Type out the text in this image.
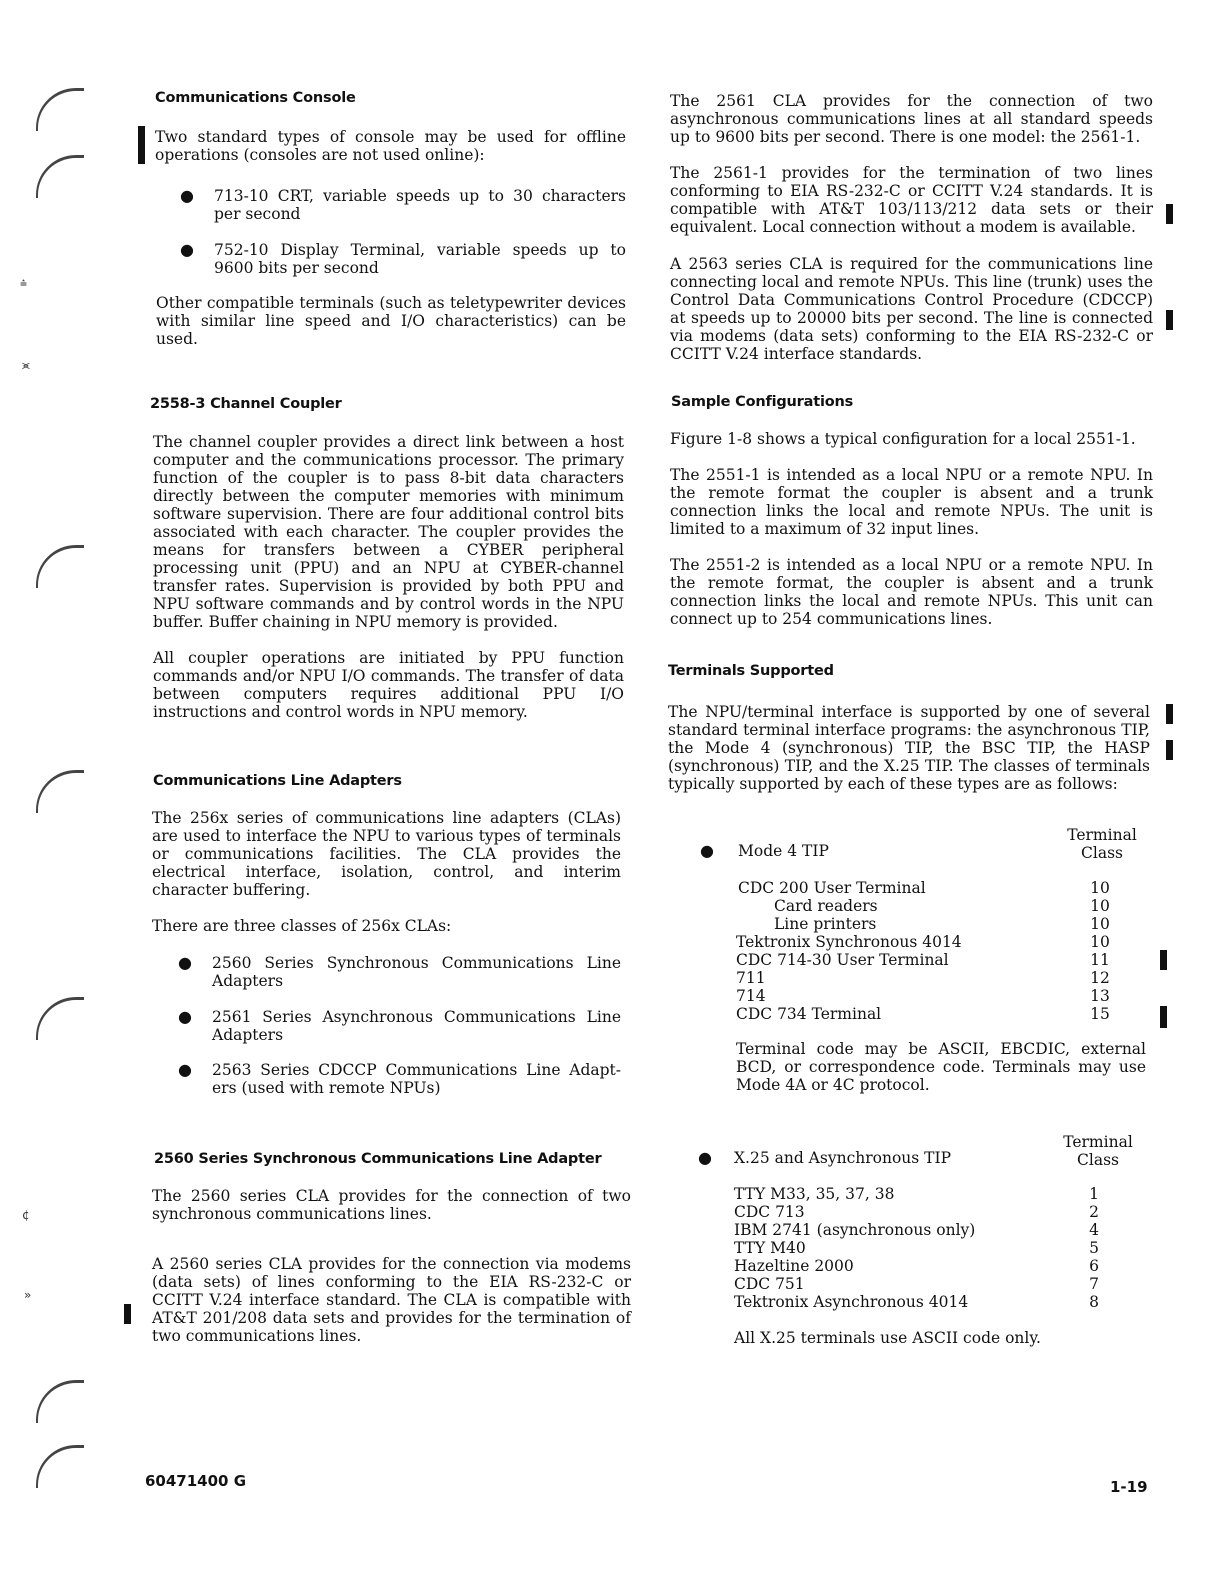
⩮
⪤
¢
»
Communications Console
Two standard types of console may be used for offline operations (consoles are not used online):
● 713-10 CRT, variable speeds up to 30 characters per second
● 752-10 Display Terminal, variable speeds up to 9600 bits per second
Other compatible terminals (such as teletypewriter devices with similar line speed and I/O characteristics) can be used.
2558-3 Channel Coupler
The channel coupler provides a direct link between a host computer and the communications processor. The primary function of the coupler is to pass 8-bit data characters directly between the computer memories with minimum software supervision. There are four additional control bits associated with each character. The coupler provides the means for transfers between a CYBER peripheral processing unit (PPU) and an NPU at CYBER-channel transfer rates. Supervision is provided by both PPU and NPU software commands and by control words in the NPU buffer. Buffer chaining in NPU memory is provided.
All coupler operations are initiated by PPU function commands and/or NPU I/O commands. The transfer of data between computers requires additional PPU I/O instructions and control words in NPU memory.
Communications Line Adapters
The 256x series of communications line adapters (CLAs) are used to interface the NPU to various types of terminals or communications facilities. The CLA provides the electrical interface, isolation, control, and interim character buffering.
There are three classes of 256x CLAs:
● 2560 Series Synchronous Communications Line Adapters
● 2561 Series Asynchronous Communications Line Adapters
● 2563 Series CDCCP Communications Line Adapt-ers (used with remote NPUs)
2560 Series Synchronous Communications Line Adapter
The 2560 series CLA provides for the connection of two synchronous communications lines.
A 2560 series CLA provides for the connection via modems (data sets) of lines conforming to the EIA RS-232-C or CCITT V.24 interface standard. The CLA is compatible with AT&T 201/208 data sets and provides for the termination of two communications lines.
The 2561 CLA provides for the connection of two asynchronous communications lines at all standard speeds up to 9600 bits per second. There is one model: the 2561-1.
The 2561-1 provides for the termination of two lines conforming to EIA RS-232-C or CCITT V.24 standards. It is compatible with AT&T 103/113/212 data sets or their equivalent. Local connection without a modem is available.
A 2563 series CLA is required for the communications line connecting local and remote NPUs. This line (trunk) uses the Control Data Communications Control Procedure (CDCCP) at speeds up to 20000 bits per second. The line is connected via modems (data sets) conforming to the EIA RS-232-C or CCITT V.24 interface standards.
Sample Configurations
Figure 1-8 shows a typical configuration for a local 2551-1.
The 2551-1 is intended as a local NPU or a remote NPU. In the remote format the coupler is absent and a trunk connection links the local and remote NPUs. The unit is limited to a maximum of 32 input lines.
The 2551-2 is intended as a local NPU or a remote NPU. In the remote format, the coupler is absent and a trunk connection links the local and remote NPUs. This unit can connect up to 254 communications lines.
Terminals Supported
The NPU/terminal interface is supported by one of several standard terminal interface programs: the asynchronous TIP, the Mode 4 (synchronous) TIP, the BSC TIP, the HASP (synchronous) TIP, and the X.25 TIP. The classes of terminals typically supported by each of these types are as follows:
● Mode 4 TIP
Terminal
Class
CDC 200 User Terminal	10
Card readers	10
Line printers	10
Tektronix Synchronous 4014	10
CDC 714-30 User Terminal	11
711	12
714	13
CDC 734 Terminal	15
Terminal code may be ASCII, EBCDIC, external BCD, or correspondence code. Terminals may use Mode 4A or 4C protocol.
Terminal
Class
● X.25 and Asynchronous TIP
TTY M33, 35, 37, 38	1
CDC 713	2
IBM 2741 (asynchronous only)	4
TTY M40	5
Hazeltine 2000	6
CDC 751	7
Tektronix Asynchronous 4014	8
All X.25 terminals use ASCII code only.
60471400 G	1-19
